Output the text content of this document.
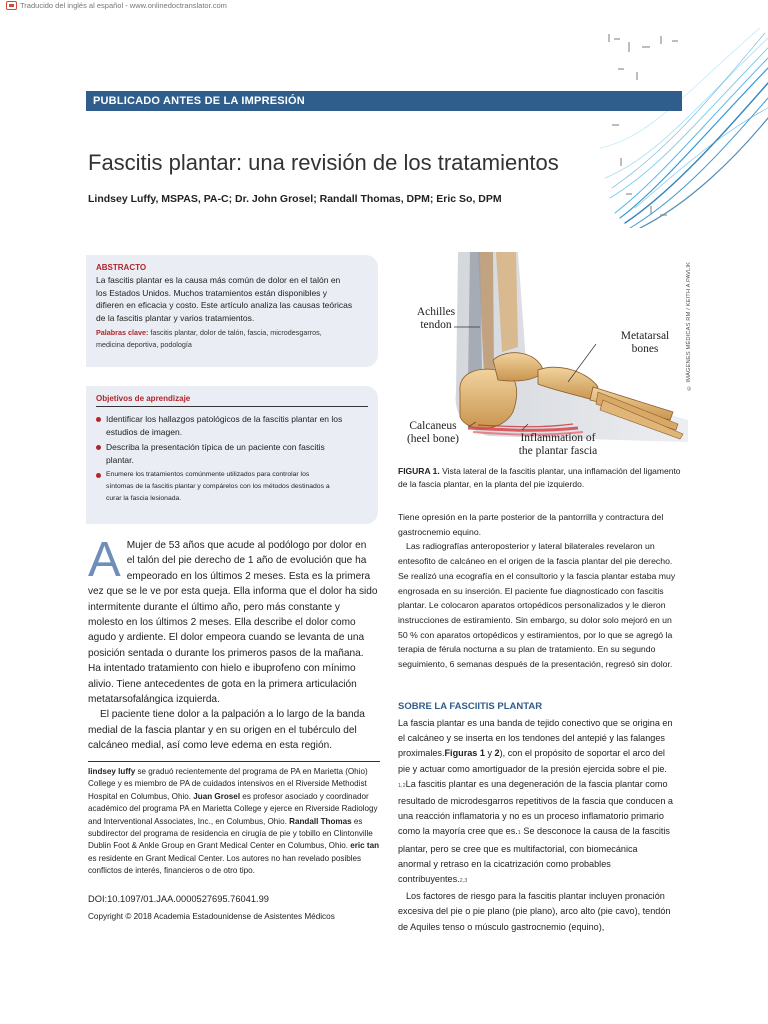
Traducido del inglés al español - www.onlinedoctranslator.com
PUBLICADO ANTES DE LA IMPRESIÓN
Fascitis plantar: una revisión de los tratamientos
Lindsey Luffy, MSPAS, PA-C; Dr. John Grosel; Randall Thomas, DPM; Eric So, DPM
ABSTRACTO
La fascitis plantar es la causa más común de dolor en el talón en
los Estados Unidos. Muchos tratamientos están disponibles y
difieren en eficacia y costo. Este artículo analiza las causas teóricas
de la fascitis plantar y varios tratamientos.
Palabras clave: fascitis plantar, dolor de talón, fascia, microdesgarros,
medicina deportiva, podología
Objetivos de aprendizaje
Identificar los hallazgos patológicos de la fascitis plantar en los
estudios de imagen.
Describa la presentación típica de un paciente con fascitis
plantar.
Enumere los tratamientos comúnmente utilizados para controlar los
síntomas de la fascitis plantar y compárelos con los métodos destinados a
curar la fascia lesionada.
A Mujer de 53 años que acude al podólogo por dolor en
el talón del pie derecho de 1 año de evolución que ha
empeorado en los últimos 2 meses. Esta es la primera
vez que se le ve por esta queja. Ella informa que el dolor ha sido
intermitente durante el último año, pero más constante y
molesto en los últimos 2 meses. Ella describe el dolor como
agudo y ardiente. El dolor empeora cuando se levanta de una
posición sentada o durante los primeros pasos de la mañana.
Ha intentado tratamiento con hielo e ibuprofeno con mínimo
alivio. Tiene antecedentes de gota en la primera articulación
metatarsofalángica izquierda.

El paciente tiene dolor a la palpación a lo largo de la banda
medial de la fascia plantar y en su origen en el tubérculo del
calcáneo medial, así como leve edema en esta región.

lindsey luffy se graduó recientemente del programa de PA en Marietta (Ohio) College y es miembro de PA de cuidados intensivos en el Riverside Methodist Hospital en Columbus, Ohio. Juan Grosel es profesor asociado y coordinador académico del programa PA en Marietta College y ejerce en Riverside Radiology and Interventional Associates, Inc., en Columbus, Ohio. Randall Thomas es subdirector del programa de residencia en cirugía de pie y tobillo en Clintonville Dublin Foot & Ankle Group en Grant Medical Center en Columbus, Ohio. eric tan es residente en Grant Medical Center. Los autores no han revelado posibles conflictos de interés, financieros o de otro tipo.
DOI:10.1097/01.JAA.0000527695.76041.99
Copyright © 2018 Academia Estadounidense de Asistentes Médicos
Achilles
tendon
Metatarsal
bones
Calcaneus
(heel bone)	Inflammation of
the plantar fascia
© IMÁGENES MÉDICAS RM / KEITH A PAVLIK
FIGURA 1. Vista lateral de la fascitis plantar, una inflamación del ligamento de la fascia plantar, en la planta del pie izquierdo.
Tiene opresión en la parte posterior de la pantorrilla y contractura del
gastrocnemio equino.
Las radiografías anteroposterior y lateral bilaterales revelaron un
entesofito de calcáneo en el origen de la fascia plantar del pie derecho.
Se realizó una ecografía en el consultorio y la fascia plantar estaba muy
engrosada en su inserción. El paciente fue diagnosticado con fascitis
plantar. Le colocaron aparatos ortopédicos personalizados y le dieron
instrucciones de estiramiento. Sin embargo, su dolor solo mejoró en un
50 % con aparatos ortopédicos y estiramientos, por lo que se agregó la
terapia de férula nocturna a su plan de tratamiento. En su segundo
seguimiento, 6 semanas después de la presentación, regresó sin dolor.
SOBRE LA FASCIITIS PLANTAR
La fascia plantar es una banda de tejido conectivo que se origina en
el calcáneo y se inserta en los tendones del antepié y las falanges
proximales.Figuras 1 y 2), con el propósito de soportar el arco del
pie y actuar como amortiguador de la presión ejercida sobre el pie.
1,2La fascitis plantar es una degeneración de la fascia plantar como
resultado de microdesgarros repetitivos de la fascia que conducen a
una reacción inflamatoria y no es un proceso inflamatorio primario
como la mayoría cree que es.1 Se desconoce la causa de la fascitis
plantar, pero se cree que es multifactorial, con biomecánica
anormal y retraso en la cicatrización como probables
contribuyentes.2,3
Los factores de riesgo para la fascitis plantar incluyen pronación
excesiva del pie o pie plano (pie plano), arco alto (pie cavo), tendón
de Aquiles tenso o músculo gastrocnemio (equino),
